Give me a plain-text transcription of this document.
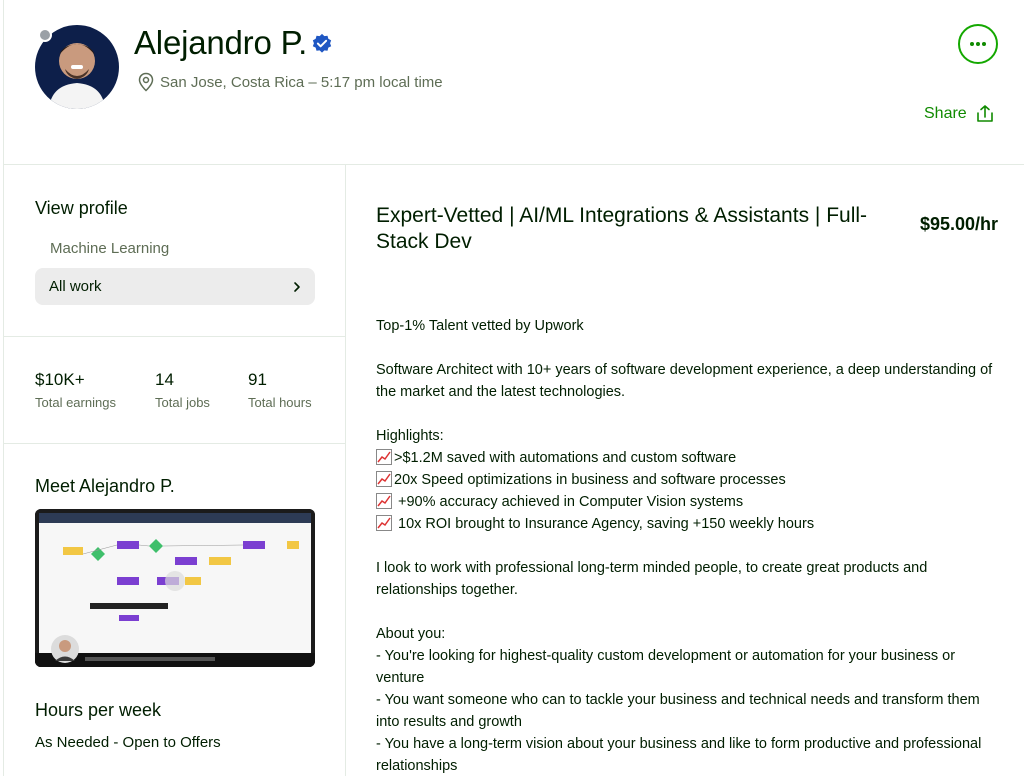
Alejandro P.
San Jose, Costa Rica – 5:17 pm local time
Share
View profile
Machine Learning
All work
$10K+
Total earnings
14
Total jobs
91
Total hours
Meet Alejandro P.
Hours per week
As Needed - Open to Offers
Expert-Vetted | AI/ML Integrations & Assistants | Full-Stack Dev
$95.00/hr

Top-1% Talent vetted by Upwork

Software Architect with 10+ years of software development experience, a deep understanding of the market and the latest technologies.

Highlights:

>$1.2M saved with automations and custom software

20x Speed optimizations in business and software processes

+90% accuracy achieved in Computer Vision systems

10x ROI brought to Insurance Agency, saving +150 weekly hours

I look to work with professional long-term minded people, to create great products and relationships together.

About you:

- You're looking for highest-quality custom development or automation for your business or venture

- You want someone who can to tackle your business and technical needs and transform them into results and growth

- You have a long-term vision about your business and like to form productive and professional relationships
